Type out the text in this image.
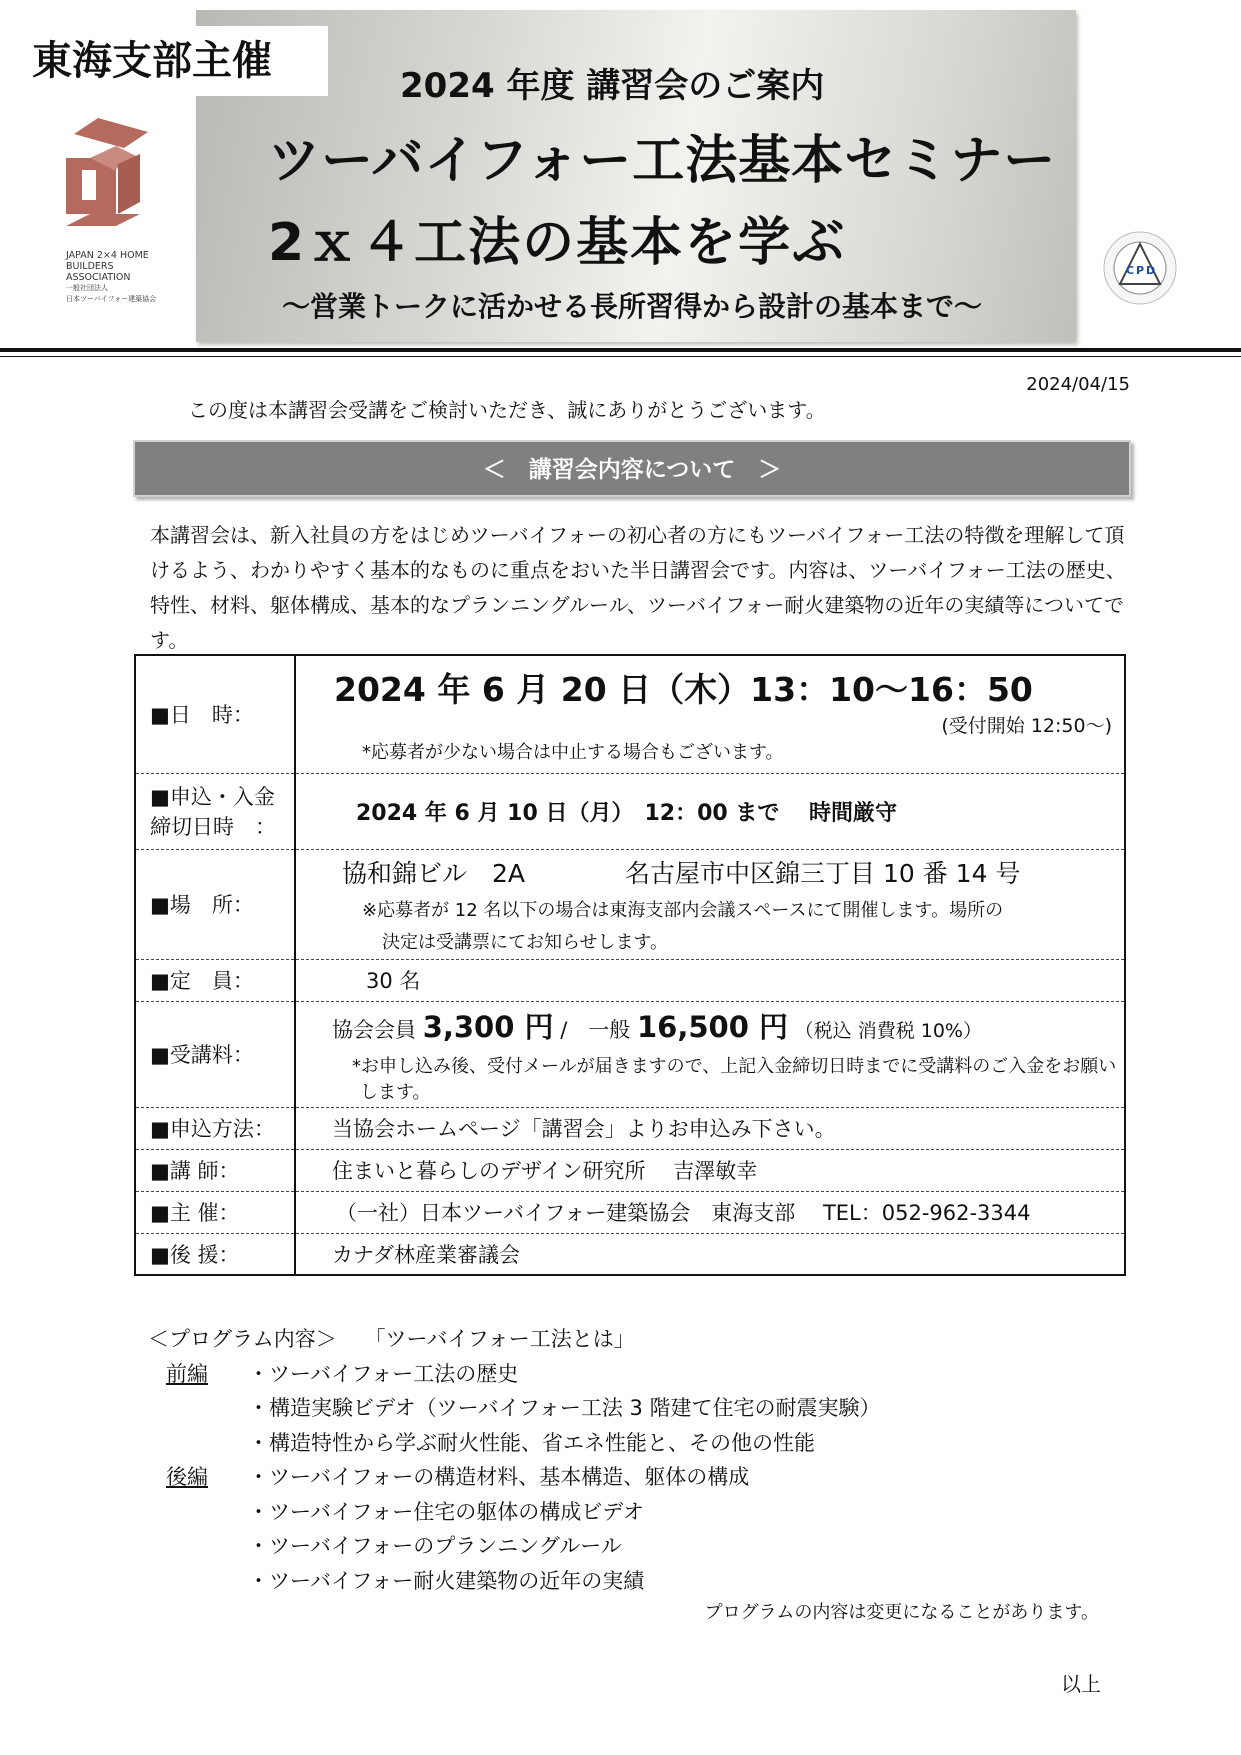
東海支部主催
2024 年度 講習会のご案内
ツーバイフォー工法基本セミナー
2ｘ４工法の基本を学ぶ
～営業トークに活かせる長所習得から設計の基本まで～
JAPAN 2×4 HOME
BUILDERS
ASSOCIATION
一般社団法人
日本ツーバイフォー建築協会
C P D
2024/04/15
この度は本講習会受講をご検討いただき、誠にありがとうございます。
＜　講習会内容について　＞
本講習会は、新入社員の方をはじめツーバイフォーの初心者の方にもツーバイフォー工法の特徴を理解して頂けるよう、わかりやすく基本的なものに重点をおいた半日講習会です。内容は、ツーバイフォー工法の歴史、特性、材料、躯体構成、基本的なプランニングルール、ツーバイフォー耐火建築物の近年の実績等についてです。
■日　時：	2024 年 6 月 20 日（木）13：10～16：50
(受付開始 12:50～)
*応募者が少ない場合は中止する場合もございます。

■申込・入金
締切日時　：	2024 年 6 月 10 日（月）　12：00 まで　 時間厳守
■場　所：	協和錦ビル　2A　　　　名古屋市中区錦三丁目 10 番 14 号
※応募者が 12 名以下の場合は東海支部内会議スペースにて開催します。場所の
決定は受講票にてお知らせします。

■定　員：	30 名
■受講料：	協会会員 3,300 円 /　一般 16,500 円 （税込 消費税 10%）
*お申し込み後、受付メールが届きますので、上記入金締切日時までに受講料のご入金をお願いします。

■申込方法：	当協会ホームページ「講習会」よりお申込み下さい。
■講 師：	住まいと暮らしのデザイン研究所　 吉澤敏幸
■主 催：	（一社）日本ツーバイフォー建築協会　東海支部　 TEL：052-962-3344
■後 援：	カナダ林産業審議会
＜プログラム内容＞　 「ツーバイフォー工法とは」
前編	・ツーバイフォー工法の歴史
・構造実験ビデオ（ツーバイフォー工法 3 階建て住宅の耐震実験）
・構造特性から学ぶ耐火性能、省エネ性能と、その他の性能
後編	・ツーバイフォーの構造材料、基本構造、躯体の構成
・ツーバイフォー住宅の躯体の構成ビデオ
・ツーバイフォーのプランニングルール
・ツーバイフォー耐火建築物の近年の実績
プログラムの内容は変更になることがあります。
以上
